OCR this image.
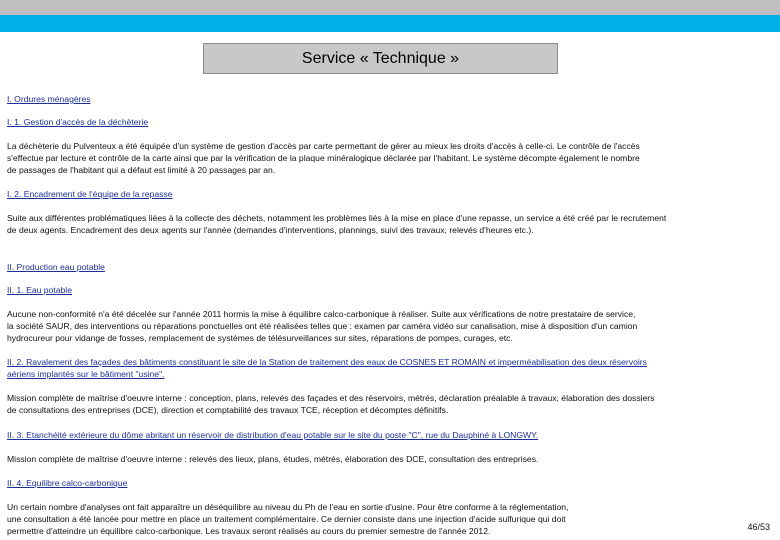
Service « Technique »
I. Ordures ménagères
I. 1. Gestion d'accès de la déchèterie
La déchèterie du Pulventeux a été équipée d'un système de gestion d'accès par carte permettant de gérer au mieux les droits d'accès à celle-ci. Le contrôle de l'accès
s'effectue par lecture et contrôle de la carte ainsi que par la vérification de la plaque minéralogique déclarée par l'habitant. Le système décompte également le nombre
de passages de l'habitant qui a défaut est limité à 20 passages par an.
I. 2. Encadrement de l'équipe de la repasse
Suite aux différentes problématiques liées à la collecte des déchets, notamment les problèmes liés à la mise en place d'une repasse, un service a été créé par le recrutement
de deux agents. Encadrement des deux agents sur l'année (demandes d'interventions, plannings, suivi des travaux, relevés d'heures etc.).
II. Production eau potable
II. 1. Eau potable
Aucune non-conformité n'a été décelée sur l'année 2011 hormis la mise à équilibre calco-carbonique à réaliser. Suite aux vérifications de notre prestataire de service,
la société SAUR, des interventions ou réparations ponctuelles ont été réalisées telles que : examen par caméra vidéo sur canalisation, mise à disposition d'un camion
hydrocureur pour vidange de fosses, remplacement de systèmes de télésurveillances sur sites, réparations de pompes, curages, etc.
II. 2. Ravalement des façades des bâtiments constituant le site de la Station de traitement des eaux de COSNES ET ROMAIN et imperméabilisation des deux réservoirs
aériens implantés sur le bâtiment "usine".
Mission complète de maîtrise d'oeuvre interne : conception, plans, relevés des façades et des réservoirs, métrés, déclaration préalable à travaux, élaboration des dossiers
de consultations des entreprises (DCE), direction et comptabilité des travaux TCE, réception et décomptes définitifs.
II. 3. Etanchéité extérieure du dôme abritant un réservoir de distribution d'eau potable sur le site du poste "C", rue du Dauphiné à LONGWY.
Mission complète de maîtrise d'oeuvre interne : relevés des lieux, plans, études, métrés, élaboration des DCE, consultation des entreprises.
II. 4. Equilibre calco-carbonique
Un certain nombre d'analyses ont fait apparaître un déséquilibre au niveau du Ph de l'eau en sortie d'usine. Pour être conforme à la réglementation,
une consultation a été lancée pour mettre en place un traitement complémentaire. Ce dernier consiste dans une injection d'acide sulfurique qui doit
permettre d'atteindre un équilibre calco-carbonique. Les travaux seront réalisés au cours du premier semestre de l'année 2012.	46/53
